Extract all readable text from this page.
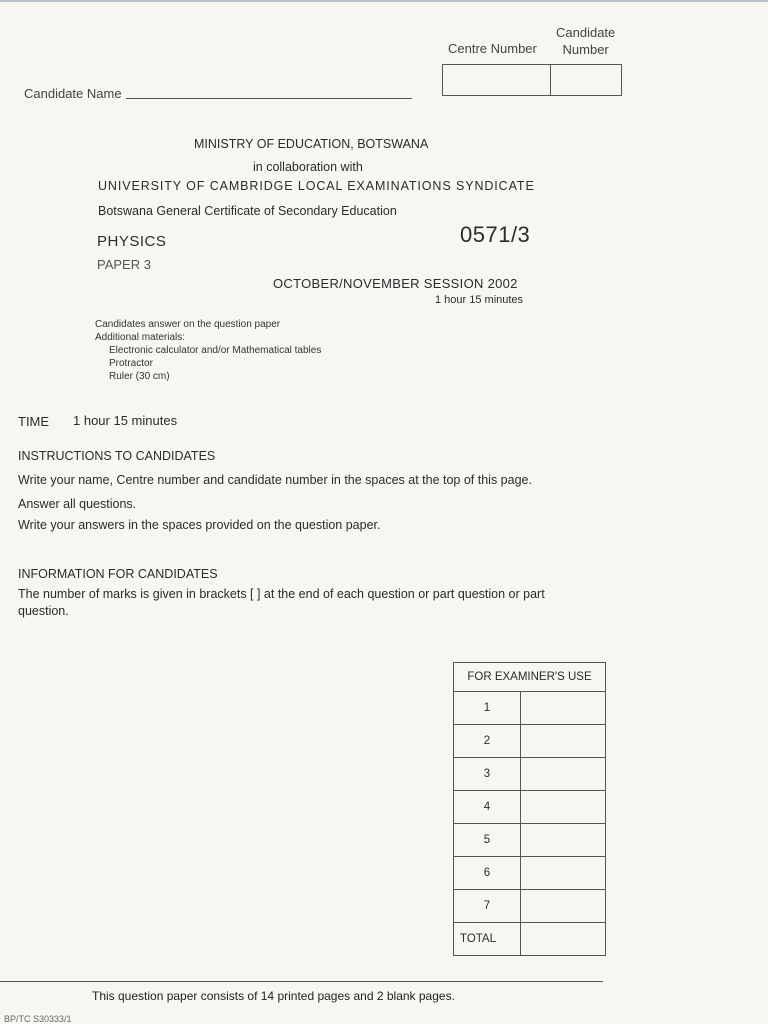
Centre Number
Candidate
Number
Candidate Name
MINISTRY OF EDUCATION, BOTSWANA
in collaboration with
UNIVERSITY OF CAMBRIDGE LOCAL EXAMINATIONS SYNDICATE
Botswana General Certificate of Secondary Education
PHYSICS	0571/3
PAPER 3
OCTOBER/NOVEMBER SESSION 2002
1 hour 15 minutes
Candidates answer on the question paper
Additional materials:
Electronic calculator and/or Mathematical tables
Protractor
Ruler (30 cm)
TIME 1 hour 15 minutes
INSTRUCTIONS TO CANDIDATES
Write your name, Centre number and candidate number in the spaces at the top of this page.
Answer all questions.
Write your answers in the spaces provided on the question paper.
INFORMATION FOR CANDIDATES
The number of marks is given in brackets [ ] at the end of each question or part question or part question.
FOR EXAMINER'S USE	
1	
2	
3	
4	
5	
6	
7	
TOTAL	
This question paper consists of 14 printed pages and 2 blank pages.
BP/TC S30333/1
